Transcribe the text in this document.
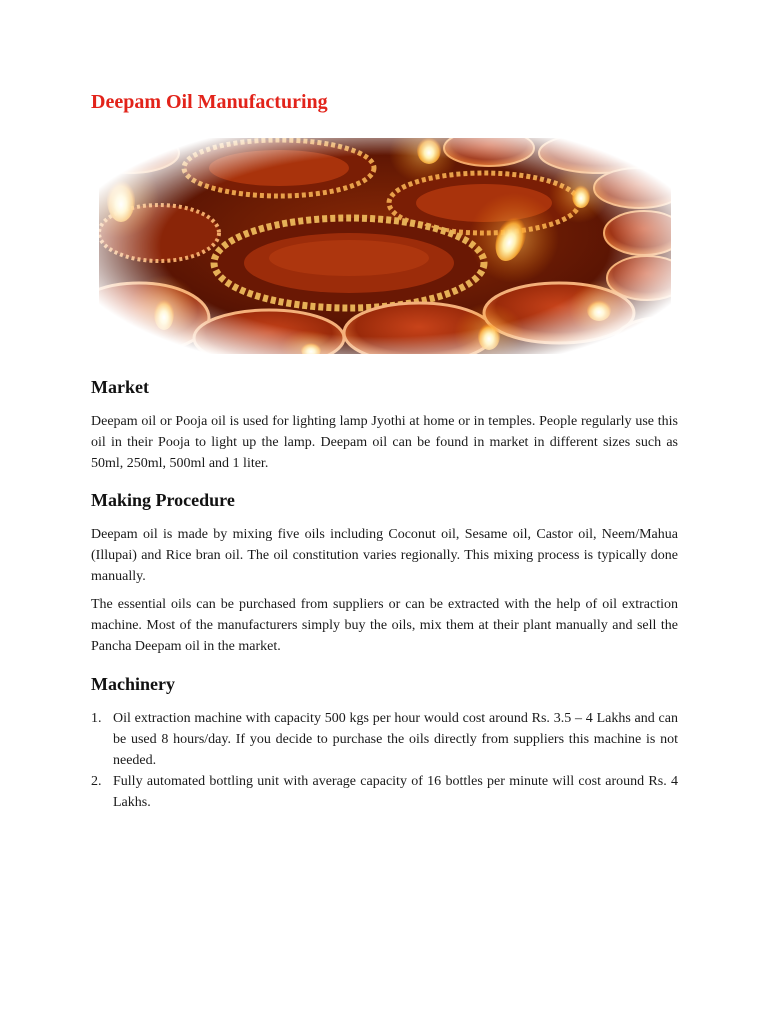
Deepam Oil Manufacturing
Market

Deepam oil or Pooja oil is used for lighting lamp Jyothi at home or in temples. People regularly use this oil in their Pooja to light up the lamp. Deepam oil can be found in market in different sizes such as 50ml, 250ml, 500ml and 1 liter.

Making Procedure

Deepam oil is made by mixing five oils including Coconut oil, Sesame oil, Castor oil, Neem/Mahua (Illupai) and Rice bran oil. The oil constitution varies regionally. This mixing process is typically done manually.

The essential oils can be purchased from suppliers or can be extracted with the help of oil extraction machine. Most of the manufacturers simply buy the oils, mix them at their plant manually and sell the Pancha Deepam oil in the market.

Machinery
1. Oil extraction machine with capacity 500 kgs per hour would cost around Rs. 3.5 – 4 Lakhs and can be used 8 hours/day. If you decide to purchase the oils directly from suppliers this machine is not needed.
2. Fully automated bottling unit with average capacity of 16 bottles per minute will cost around Rs. 4 Lakhs.
